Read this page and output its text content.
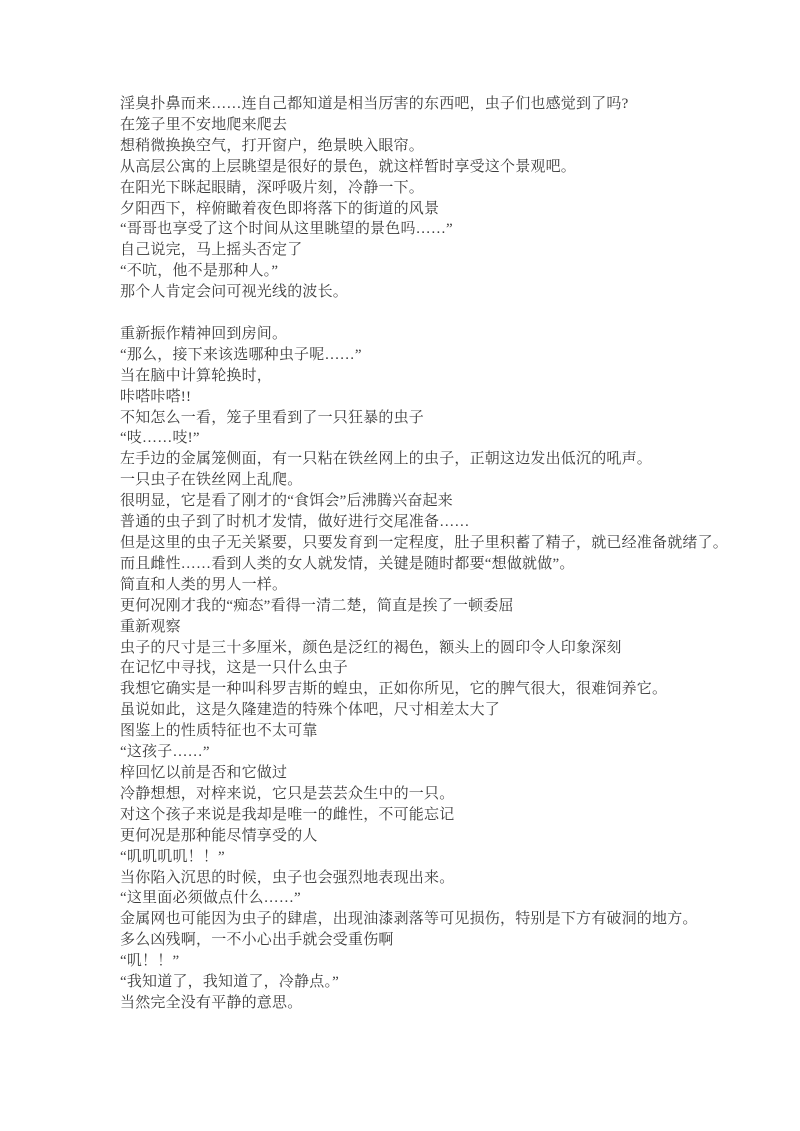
淫臭扑鼻而来……连自己都知道是相当厉害的东西吧，虫子们也感觉到了吗?
在笼子里不安地爬来爬去
想稍微换换空气，打开窗户，绝景映入眼帘。
从高层公寓的上层眺望是很好的景色，就这样暂时享受这个景观吧。
在阳光下眯起眼睛，深呼吸片刻，冷静一下。
夕阳西下，梓俯瞰着夜色即将落下的街道的风景
“哥哥也享受了这个时间从这里眺望的景色吗……”
自己说完，马上摇头否定了
“不吭，他不是那种人。”
那个人肯定会问可视光线的波长。
重新振作精神回到房间。
“那么，接下来该选哪种虫子呢……”
当在脑中计算轮换时，
咔嗒咔嗒!!
不知怎么一看，笼子里看到了一只狂暴的虫子
“吱……吱!”
左手边的金属笼侧面，有一只粘在铁丝网上的虫子，正朝这边发出低沉的吼声。
一只虫子在铁丝网上乱爬。
很明显，它是看了刚才的“食饵会”后沸腾兴奋起来
普通的虫子到了时机才发情，做好进行交尾准备……
但是这里的虫子无关紧要，只要发育到一定程度，肚子里积蓄了精子，就已经准备就绪了。
而且雌性……看到人类的女人就发情，关键是随时都要“想做就做”。
简直和人类的男人一样。
更何况刚才我的“痴态”看得一清二楚，简直是挨了一顿委屈
重新观察
虫子的尺寸是三十多厘米，颜色是泛红的褐色，额头上的圆印令人印象深刻
在记忆中寻找，这是一只什么虫子
我想它确实是一种叫科罗吉斯的蝗虫，正如你所见，它的脾气很大，很难饲养它。
虽说如此，这是久隆建造的特殊个体吧，尺寸相差太大了
图鉴上的性质特征也不太可靠
“这孩子……”
梓回忆以前是否和它做过
冷静想想，对梓来说，它只是芸芸众生中的一只。
对这个孩子来说是我却是唯一的雌性，不可能忘记
更何况是那种能尽情享受的人
“叽叽叽叽！！”
当你陷入沉思的时候，虫子也会强烈地表现出来。
“这里面必须做点什么……”
金属网也可能因为虫子的肆虐，出现油漆剥落等可见损伤，特别是下方有破洞的地方。
多么凶残啊，一不小心出手就会受重伤啊
“叽！！”
“我知道了，我知道了，冷静点。”
当然完全没有平静的意思。
